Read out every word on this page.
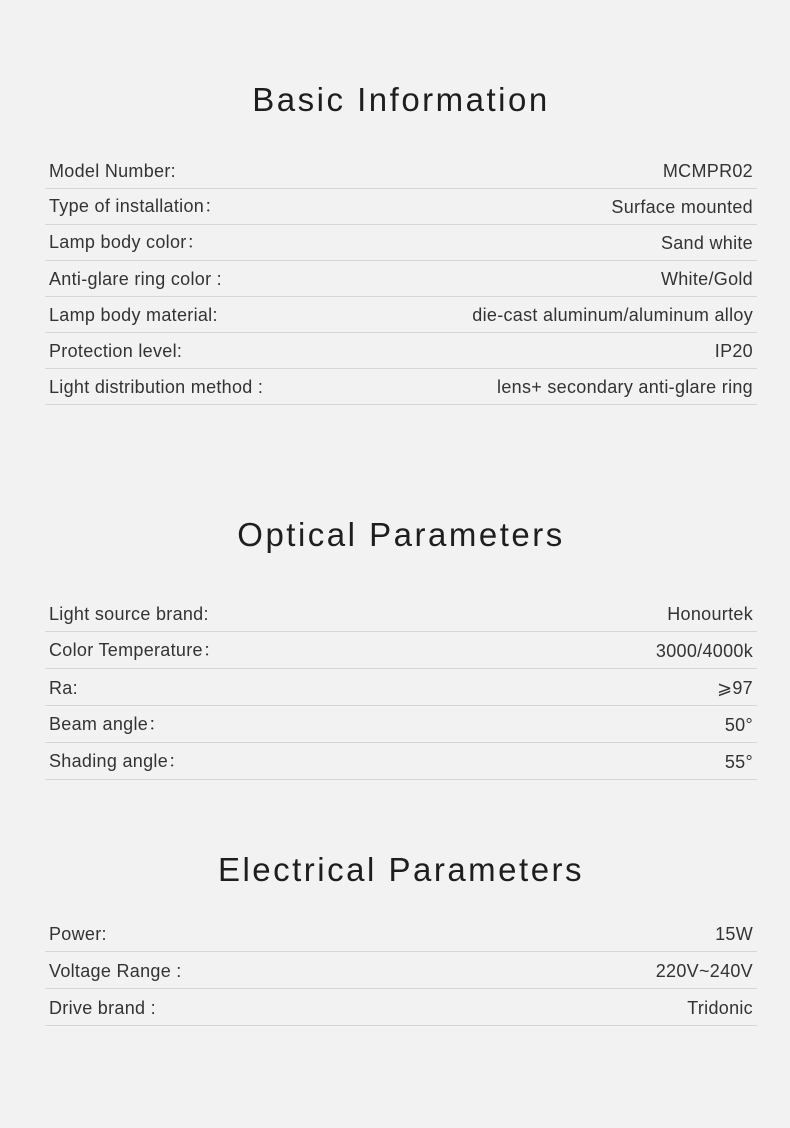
Basic Information
Model Number:	MCMPR02
Type of installation：	Surface mounted
Lamp body color：	Sand white
Anti-glare ring color :	White/Gold
Lamp body material:	die-cast aluminum/aluminum alloy
Protection level:	IP20
Light distribution method :	lens+ secondary anti-glare ring
Optical Parameters
Light source brand:	Honourtek
Color Temperature：	3000/4000k
Ra:	⩾97
Beam angle：	50°
Shading angle：	55°
Electrical Parameters
Power:	15W
Voltage Range :	220V~240V
Drive brand :	Tridonic
